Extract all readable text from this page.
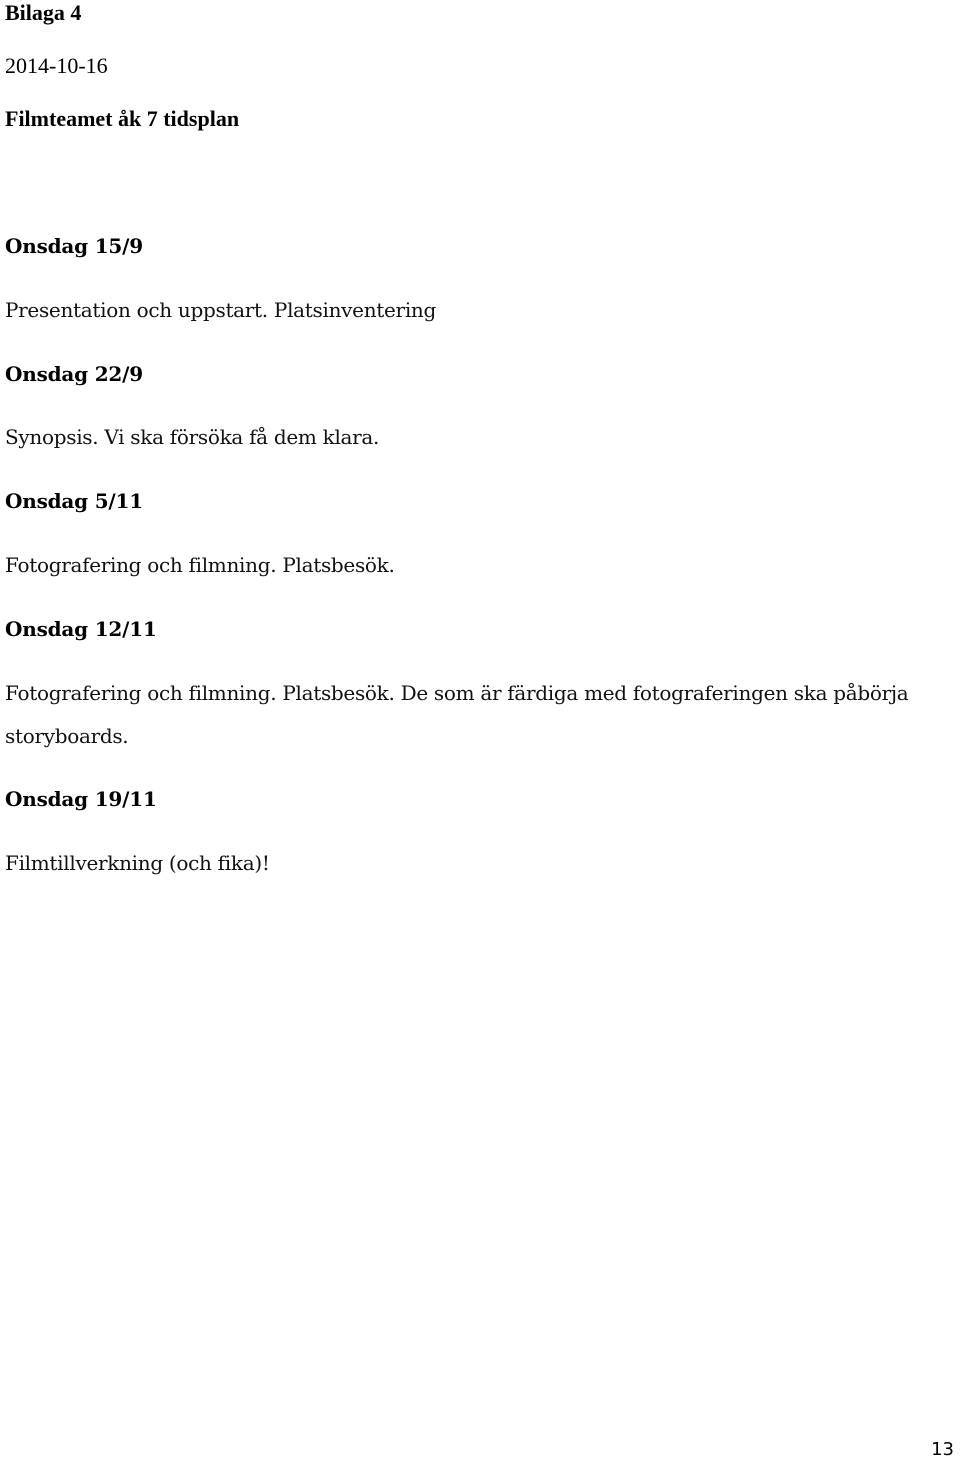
Bilaga 4

2014-10-16

Filmteamet åk 7 tidsplan

Onsdag 15/9

Presentation och uppstart. Platsinventering

Onsdag 22/9

Synopsis. Vi ska försöka få dem klara.

Onsdag 5/11

Fotografering och filmning. Platsbesök.

Onsdag 12/11

Fotografering och filmning. Platsbesök. De som är färdiga med fotograferingen ska påbörja storyboards.

Onsdag 19/11

Filmtillverkning (och fika)!

13
